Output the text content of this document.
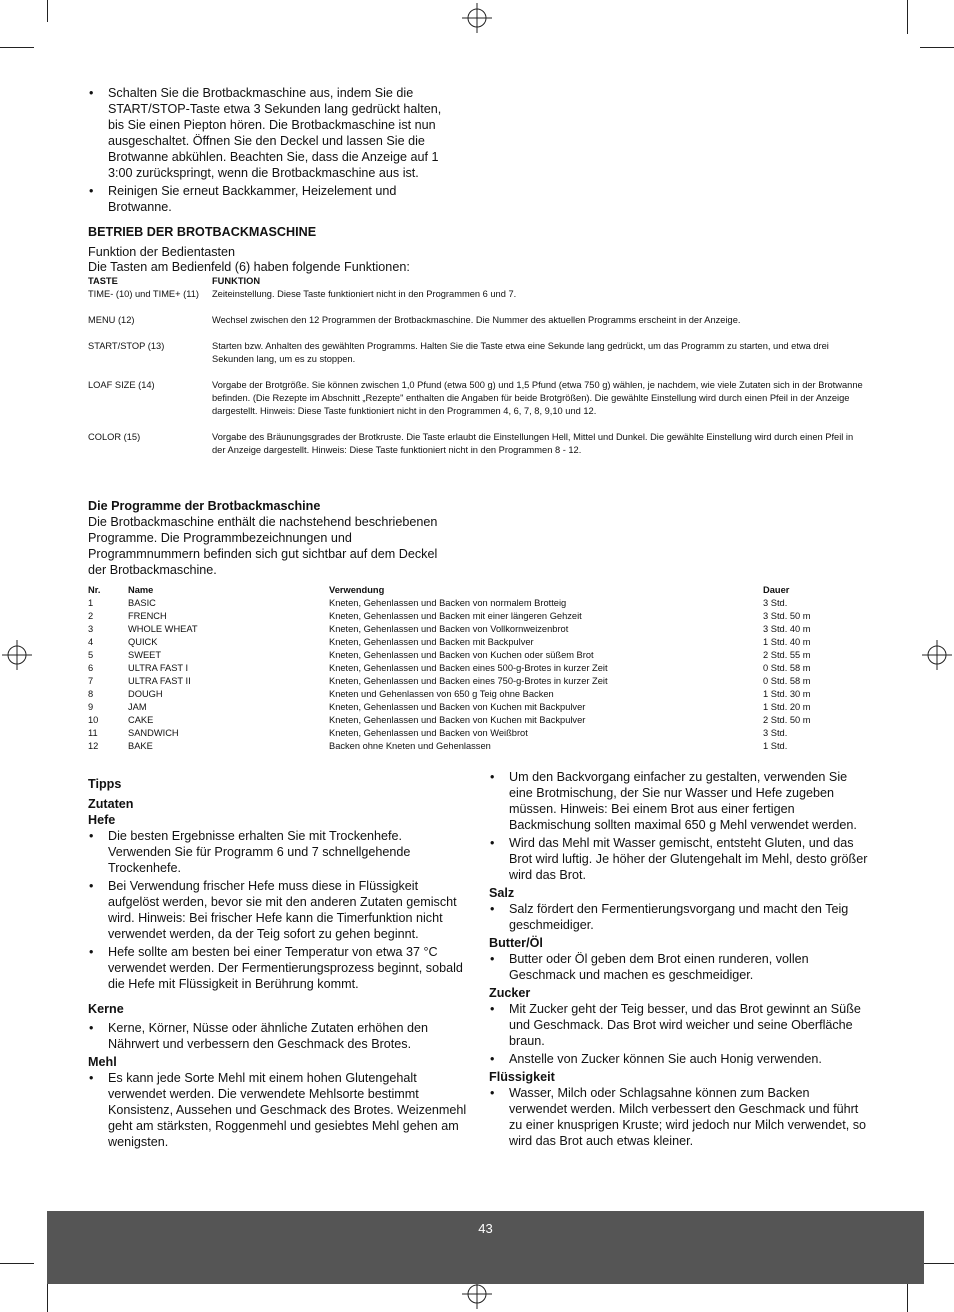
• Schalten Sie die Brotbackmaschine aus, indem Sie die START/STOP-Taste etwa 3 Sekunden lang gedrückt halten, bis Sie einen Piepton hören. Die Brotbackmaschine ist nun ausgeschaltet. Öffnen Sie den Deckel und lassen Sie die Brotwanne abkühlen. Beachten Sie, dass die Anzeige auf 1 3:00 zurückspringt, wenn die Brotbackmaschine aus ist.
• Reinigen Sie erneut Backkammer, Heizelement und Brotwanne.
BETRIEB DER BROTBACKMASCHINE
Funktion der Bedientasten
Die Tasten am Bedienfeld (6) haben folgende Funktionen:
TASTE	FUNKTION
TIME- (10) und TIME+ (11)	Zeiteinstellung. Diese Taste funktioniert nicht in den Programmen 6 und 7.
MENU (12)	Wechsel zwischen den 12 Programmen der Brotbackmaschine. Die Nummer des aktuellen Programms erscheint in der Anzeige.
START/STOP (13)	Starten bzw. Anhalten des gewählten Programms. Halten Sie die Taste etwa eine Sekunde lang gedrückt, um das Programm zu starten, und etwa drei Sekunden lang, um es zu stoppen.
LOAF SIZE (14)	Vorgabe der Brotgröße. Sie können zwischen 1,0 Pfund (etwa 500 g) und 1,5 Pfund (etwa 750 g) wählen, je nachdem, wie viele Zutaten sich in der Brotwanne befinden. (Die Rezepte im Abschnitt „Rezepte" enthalten die Angaben für beide Brotgrößen). Die gewählte Einstellung wird durch einen Pfeil in der Anzeige dargestellt. Hinweis: Diese Taste funktioniert nicht in den Programmen 4, 6, 7, 8, 9,10 und 12.
COLOR (15)	Vorgabe des Bräunungsgrades der Brotkruste. Die Taste erlaubt die Einstellungen Hell, Mittel und Dunkel. Die gewählte Einstellung wird durch einen Pfeil in der Anzeige dargestellt. Hinweis: Diese Taste funktioniert nicht in den Programmen 8 - 12.
Die Programme der Brotbackmaschine
Die Brotbackmaschine enthält die nachstehend beschriebenen Programme. Die Programmbezeichnungen und Programmnummern befinden sich gut sichtbar auf dem Deckel der Brotbackmaschine.
Nr.	Name	Verwendung	Dauer
1	BASIC	Kneten, Gehenlassen und Backen von normalem Brotteig	3 Std.
2	FRENCH	Kneten, Gehenlassen und Backen mit einer längeren Gehzeit	3 Std. 50 m
3	WHOLE WHEAT	Kneten, Gehenlassen und Backen von Vollkornweizenbrot	3 Std. 40 m
4	QUICK	Kneten, Gehenlassen und Backen mit Backpulver	1 Std. 40 m
5	SWEET	Kneten, Gehenlassen und Backen von Kuchen oder süßem Brot	2 Std. 55 m
6	ULTRA FAST I	Kneten, Gehenlassen und Backen eines 500-g-Brotes in kurzer Zeit	0 Std. 58 m
7	ULTRA FAST II	Kneten, Gehenlassen und Backen eines 750-g-Brotes in kurzer Zeit	0 Std. 58 m
8	DOUGH	Kneten und Gehenlassen von 650 g Teig ohne Backen	1 Std. 30 m
9	JAM	Kneten, Gehenlassen und Backen von Kuchen mit Backpulver	1 Std. 20 m
10	CAKE	Kneten, Gehenlassen und Backen von Kuchen mit Backpulver	2 Std. 50 m
11	SANDWICH	Kneten, Gehenlassen und Backen von Weißbrot	3 Std.
12	BAKE	Backen ohne Kneten und Gehenlassen	1 Std.
Tipps
Zutaten
Hefe
• Die besten Ergebnisse erhalten Sie mit Trockenhefe. Verwenden Sie für Programm 6 und 7 schnellgehende Trockenhefe.
• Bei Verwendung frischer Hefe muss diese in Flüssigkeit aufgelöst werden, bevor sie mit den anderen Zutaten gemischt wird. Hinweis: Bei frischer Hefe kann die Timerfunktion nicht verwendet werden, da der Teig sofort zu gehen beginnt.
• Hefe sollte am besten bei einer Temperatur von etwa 37 °C verwendet werden. Der Fermentierungsprozess beginnt, sobald die Hefe mit Flüssigkeit in Berührung kommt.
Kerne
• Kerne, Körner, Nüsse oder ähnliche Zutaten erhöhen den Nährwert und verbessern den Geschmack des Brotes.
Mehl
• Es kann jede Sorte Mehl mit einem hohen Glutengehalt verwendet werden. Die verwendete Mehlsorte bestimmt Konsistenz, Aussehen und Geschmack des Brotes. Weizenmehl geht am stärksten, Roggenmehl und gesiebtes Mehl gehen am wenigsten.
• Um den Backvorgang einfacher zu gestalten, verwenden Sie eine Brotmischung, der Sie nur Wasser und Hefe zugeben müssen. Hinweis: Bei einem Brot aus einer fertigen Backmischung sollten maximal 650 g Mehl verwendet werden.
• Wird das Mehl mit Wasser gemischt, entsteht Gluten, und das Brot wird luftig. Je höher der Glutengehalt im Mehl, desto größer wird das Brot.
Salz
• Salz fördert den Fermentierungsvorgang und macht den Teig geschmeidiger.
Butter/Öl
• Butter oder Öl geben dem Brot einen runderen, vollen Geschmack und machen es geschmeidiger.
Zucker
• Mit Zucker geht der Teig besser, und das Brot gewinnt an Süße und Geschmack. Das Brot wird weicher und seine Oberfläche braun.
• Anstelle von Zucker können Sie auch Honig verwenden.
Flüssigkeit
• Wasser, Milch oder Schlagsahne können zum Backen verwendet werden. Milch verbessert den Geschmack und führt zu einer knusprigen Kruste; wird jedoch nur Milch verwendet, so wird das Brot auch etwas kleiner.
43
